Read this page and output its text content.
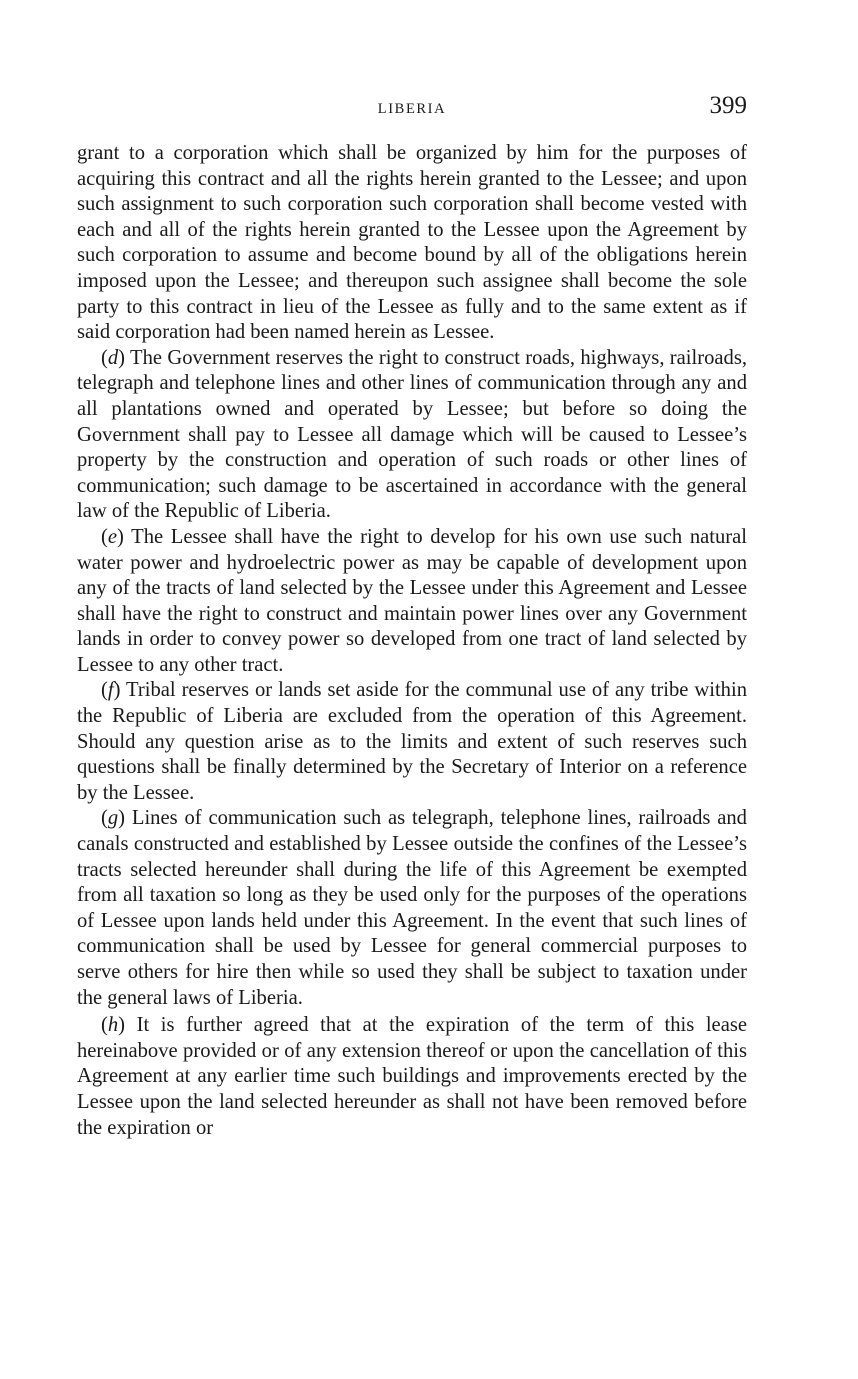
LIBERIA	399

grant to a corporation which shall be organized by him for the purposes of acquiring this contract and all the rights herein granted to the Lessee; and upon such assignment to such corporation such corporation shall become vested with each and all of the rights herein granted to the Lessee upon the Agreement by such corporation to assume and become bound by all of the obligations herein imposed upon the Lessee; and thereupon such assignee shall become the sole party to this contract in lieu of the Lessee as fully and to the same extent as if said corporation had been named herein as Lessee.

(d) The Government reserves the right to construct roads, highways, railroads, telegraph and telephone lines and other lines of communication through any and all plantations owned and operated by Lessee; but before so doing the Government shall pay to Lessee all damage which will be caused to Lessee’s property by the construction and operation of such roads or other lines of communication; such damage to be ascertained in accordance with the general law of the Republic of Liberia.

(e) The Lessee shall have the right to develop for his own use such natural water power and hydroelectric power as may be capable of development upon any of the tracts of land selected by the Lessee under this Agreement and Lessee shall have the right to construct and maintain power lines over any Government lands in order to convey power so developed from one tract of land selected by Lessee to any other tract.

(f) Tribal reserves or lands set aside for the communal use of any tribe within the Republic of Liberia are excluded from the operation of this Agreement. Should any question arise as to the limits and extent of such reserves such questions shall be finally determined by the Secretary of Interior on a reference by the Lessee.

(g) Lines of communication such as telegraph, telephone lines, railroads and canals constructed and established by Lessee outside the confines of the Lessee’s tracts selected hereunder shall during the life of this Agreement be exempted from all taxation so long as they be used only for the purposes of the operations of Lessee upon lands held under this Agreement. In the event that such lines of communication shall be used by Lessee for general commercial purposes to serve others for hire then while so used they shall be subject to taxation under the general laws of Liberia.

(h) It is further agreed that at the expiration of the term of this lease hereinabove provided or of any extension thereof or upon the cancellation of this Agreement at any earlier time such buildings and improvements erected by the Lessee upon the land selected hereunder as shall not have been removed before the expiration or
